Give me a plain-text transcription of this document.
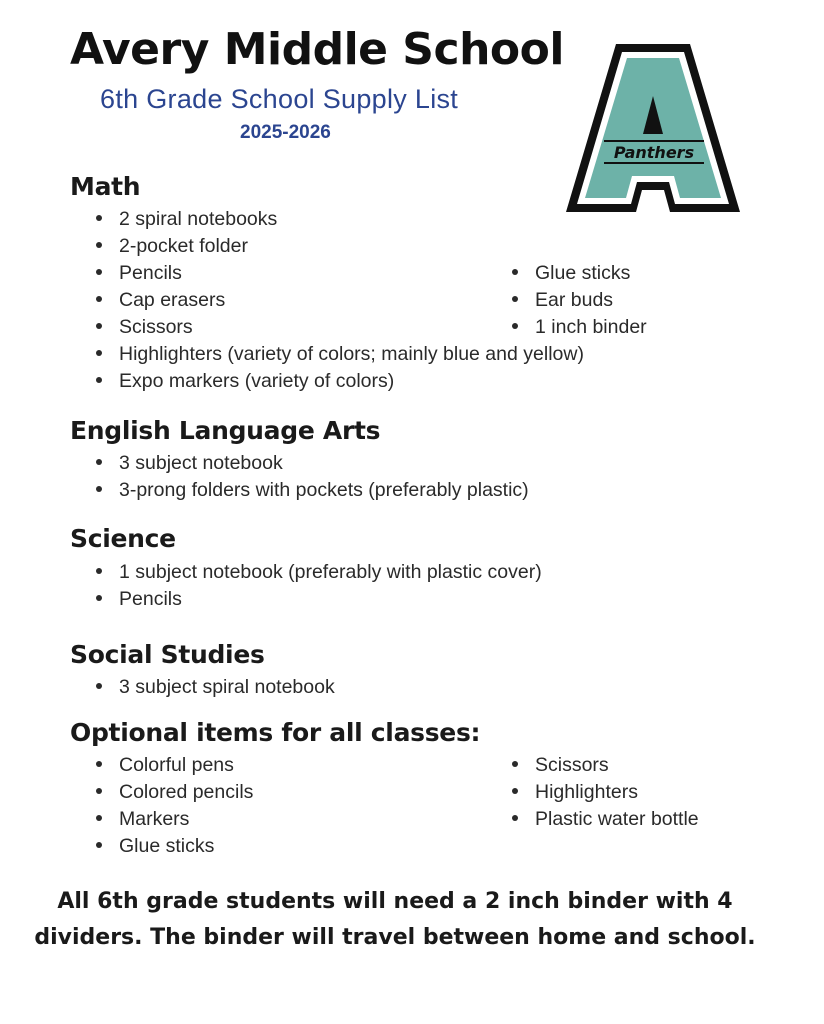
Avery Middle School
6th Grade School Supply List
2025-2026
Panthers
Math
2 spiral notebooks
2-pocket folder
Pencils
Cap erasers
Scissors
Highlighters (variety of colors; mainly blue and yellow)
Expo markers (variety of colors)
Glue sticks
Ear buds
1 inch binder
English Language Arts
3 subject notebook
3-prong folders with pockets (preferably plastic)
Science
1 subject notebook (preferably with plastic cover)
Pencils
Social Studies
3 subject spiral notebook
Optional items for all classes:
Colorful pens
Colored pencils
Markers
Glue sticks
Scissors
Highlighters
Plastic water bottle

All 6th grade students will need a 2 inch binder with 4
dividers. The binder will travel between home and school.
